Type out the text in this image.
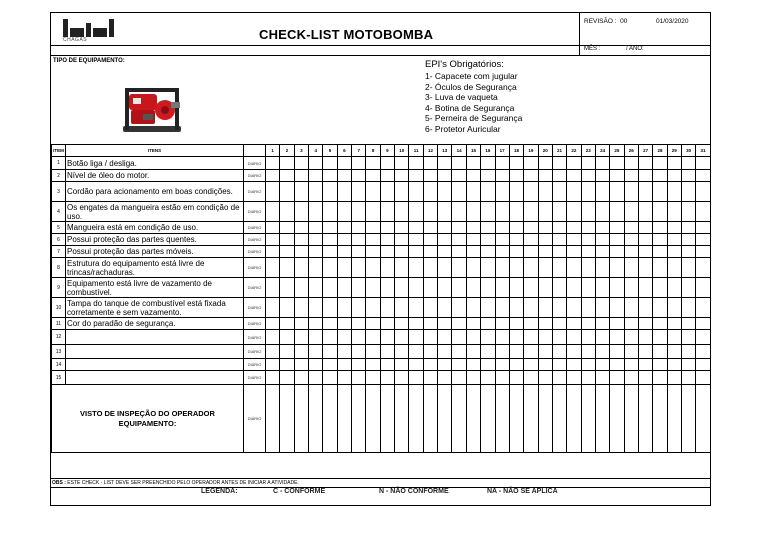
CHAGAS	CHECK-LIST MOTOBOMBA
REVISÃO : 00	01/03/2020
MÊS :	/ ANO:
TIPO DE EQUIPAMENTO:	EPI's Obrigatórios:
1- Capacete com jugular
2- Óculos de Segurança
3- Luva de vaqueta
4- Botina de Segurança
5- Perneira de Segurança
6- Protetor Auricular
ITEM	ITENS		1	2	3	4	5	6	7	8	9	10	11	12	13	14	15	16	17	18	19	20	21	22	23	24	25	26	27	28	29	30	31
1	Botão liga / desliga.	DIÁRIO																															
2	Nível de óleo do motor.	DIÁRIO																															
3	Cordão para acionamento em boas condições.	DIÁRIO																															
4	Os engates da mangueira estão em condição de uso.	DIÁRIO																															
5	Mangueira está em condição de uso.	DIÁRIO																															
6	Possui proteção das partes quentes.	DIÁRIO																															
7	Possui proteção das partes móveis.	DIÁRIO																															
8	Estrutura do equipamento está livre de trincas/rachaduras.	DIÁRIO																															
9	Equipamento está livre de vazamento de combustível.	DIÁRIO																															
10	Tampa do tanque de combustível está fixada corretamente e sem vazamento.	DIÁRIO																															
11	Cor do paradão de segurança.	DIÁRIO																															
12		DIÁRIO																															
13		DIÁRIO																															
14		DIÁRIO																															
15		DIÁRIO																															
VISTO DE INSPEÇÃO DO OPERADOR EQUIPAMENTO:		DIÁRIO																															
OBS : ESTE CHECK - LIST DEVE SER PREENCHIDO PELO OPERADOR ANTES DE INICIAR A ATIVIDADE.
LEGENDA:	C - CONFORME	N - NÃO CONFORME	NA - NÃO SE APLICA
